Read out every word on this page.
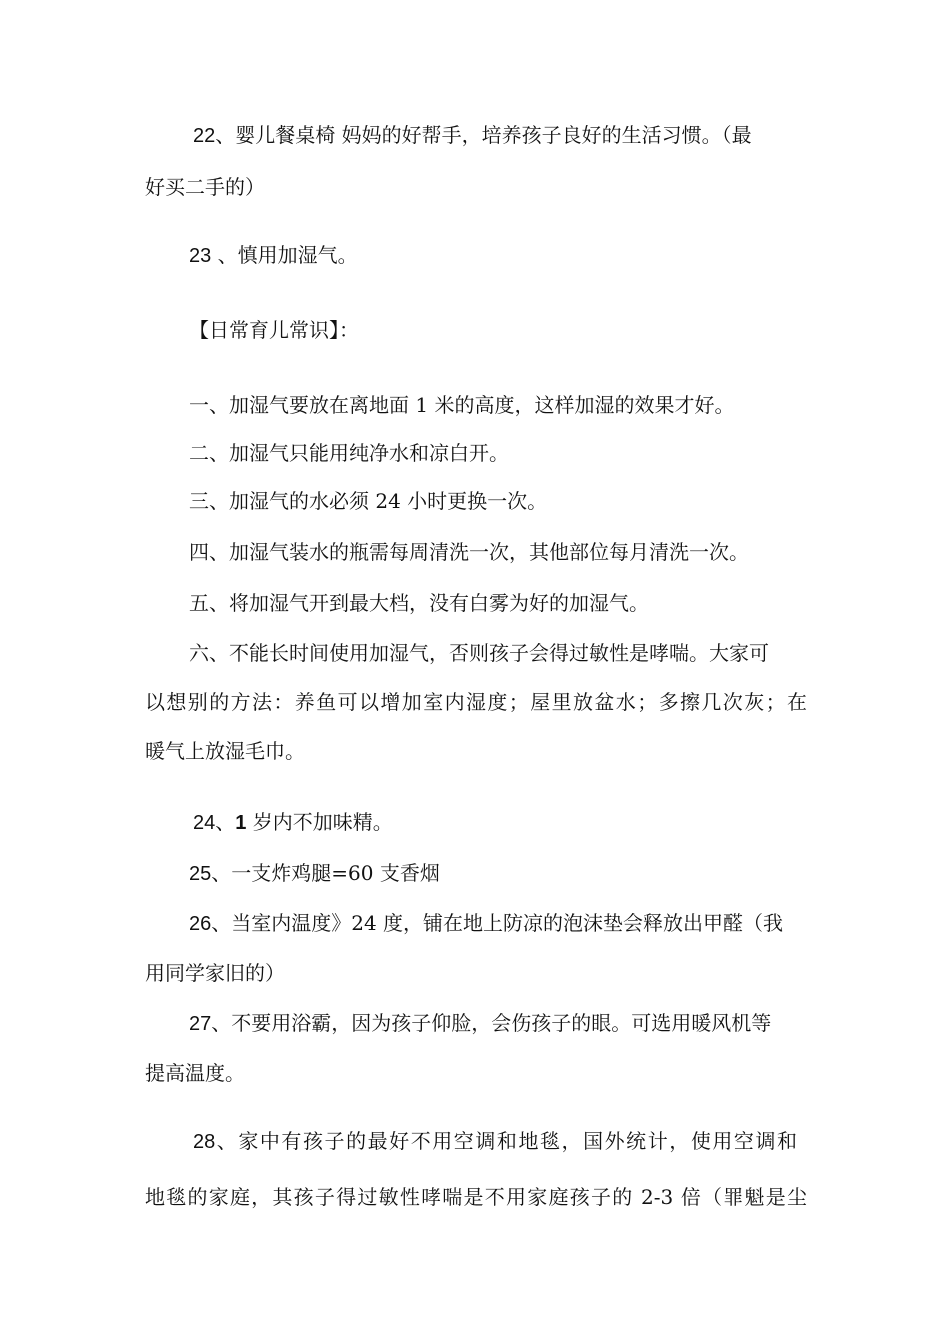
22、婴儿餐桌椅 妈妈的好帮手，培养孩子良好的生活习惯。（最
好买二手的）
23 、慎用加湿气。
【日常育儿常识】：
一、加湿气要放在离地面 1 米的高度，这样加湿的效果才好。
二、加湿气只能用纯净水和凉白开。
三、加湿气的水必须 24 小时更换一次。
四、加湿气装水的瓶需每周清洗一次，其他部位每月清洗一次。
五、将加湿气开到最大档，没有白雾为好的加湿气。
六、不能长时间使用加湿气，否则孩子会得过敏性是哮喘。大家可
以想别的方法：养鱼可以增加室内湿度；屋里放盆水；多擦几次灰；在
暖气上放湿毛巾。
24、1 岁内不加味精。
25、一支炸鸡腿=60 支香烟
26、当室内温度》24 度，铺在地上防凉的泡沫垫会释放出甲醛（我
用同学家旧的）
27、不要用浴霸，因为孩子仰脸，会伤孩子的眼。可选用暖风机等
提高温度。
28、家中有孩子的最好不用空调和地毯，国外统计，使用空调和
地毯的家庭，其孩子得过敏性哮喘是不用家庭孩子的 2-3 倍（罪魁是尘
